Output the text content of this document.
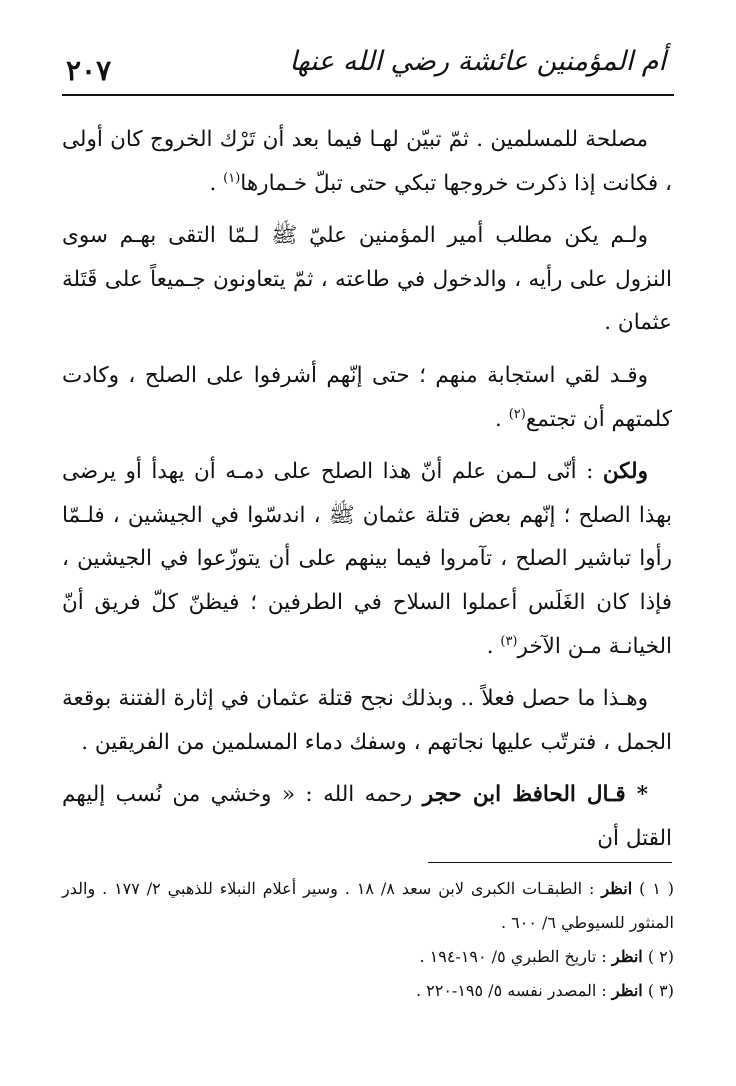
٢٠٧	أم المؤمنين عائشة رضي الله عنها

مصلحة للمسلمين . ثمّ تبيّن لهـا فيما بعد أن تَرْك الخروج كان أولى ، فكانت إذا ذكرت خروجها تبكي حتى تبلّ خـمارها$^{(١)}$ .

ولـم يكن مطلب أمير المؤمنين عليّ ﷺ لـمّا التقى بهـم سوى النزول على رأيه ، والدخول في طاعته ، ثمّ يتعاونون جـميعاً على قَتَلة عثمان .

وقـد لقي استجابة منهم ؛ حتى إنّهم أشرفوا على الصلح ، وكادت كلمتهم أن تجتمع$^{(٢)}$ .

ولكن : أنّى لـمن علم أنّ هذا الصلح على دمـه أن يهدأ أو يرضى بهذا الصلح ؛ إنّهم بعض قتلة عثمان ﷺ ، اندسّوا في الجيشين ، فلـمّا رأوا تباشير الصلح ، تآمروا فيما بينهم على أن يتوزّعوا في الجيشين ، فإذا كان الغَلَس أعملوا السلاح في الطرفين ؛ فيظنّ كلّ فريق أنّ الخيانـة مـن الآخر$^{(٣)}$ .

وهـذا ما حصل فعلاً .. وبذلك نجح قتلة عثمان في إثارة الفتنة بوقعة الجمل ، فترتّب عليها نجاتهم ، وسفك دماء المسلمين من الفريقين .

* قـال الحافظ ابن حجر رحمه الله : « وخشي من نُسب إليهم القتل أن

( ١ ) انظر : الطبقـات الكبرى لابن سعد ٨/ ١٨ . وسير أعلام النبلاء للذهبي ٢/ ١٧٧ . والدر المنثور للسيوطي ٦/ ٦٠٠ .

(٢ ) انظر : تاريخ الطبري ٥/ ١٩٠-١٩٤ .

(٣ ) انظر : المصدر نفسه ٥/ ١٩٥-٢٢٠ .
